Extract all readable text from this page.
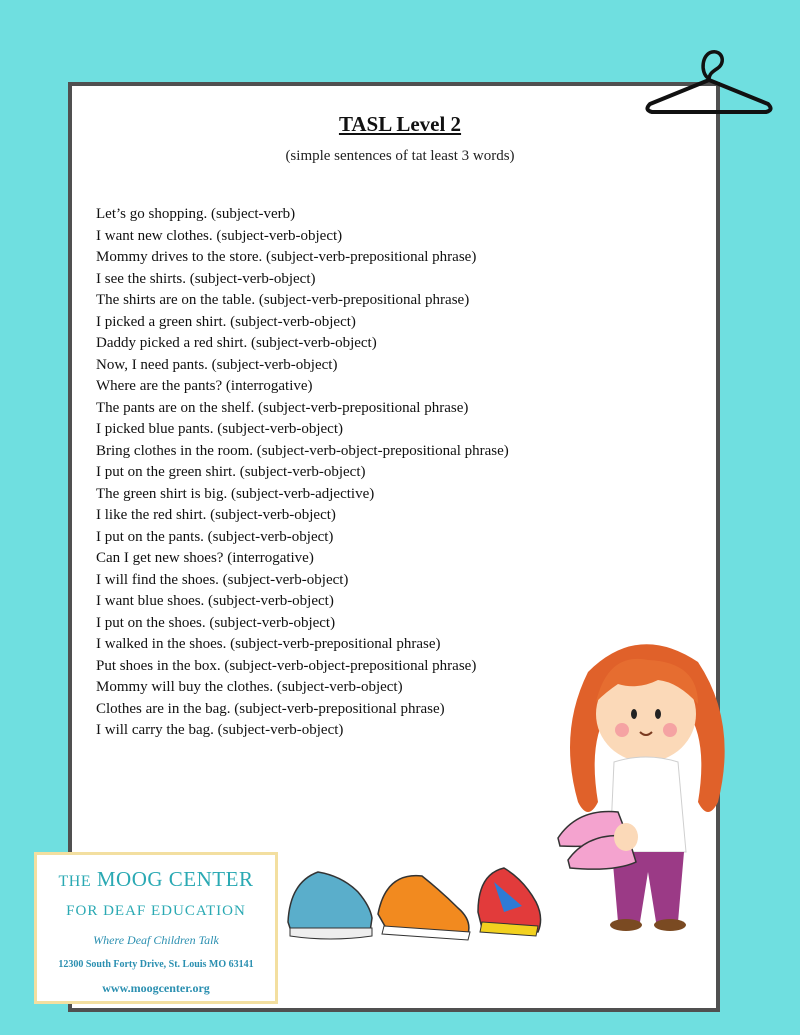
TASL Level 2
(simple sentences of tat least 3 words)
Let’s go shopping. (subject-verb)
I want new clothes. (subject-verb-object)
Mommy drives to the store. (subject-verb-prepositional phrase)
I see the shirts. (subject-verb-object)
The shirts are on the table. (subject-verb-prepositional phrase)
I picked a green shirt. (subject-verb-object)
Daddy picked a red shirt. (subject-verb-object)
Now, I need pants. (subject-verb-object)
Where are the pants? (interrogative)
The pants are on the shelf. (subject-verb-prepositional phrase)
I picked blue pants. (subject-verb-object)
Bring clothes in the room. (subject-verb-object-prepositional phrase)
I put on the green shirt. (subject-verb-object)
The green shirt is big. (subject-verb-adjective)
I like the red shirt. (subject-verb-object)
I put on the pants. (subject-verb-object)
Can I get new shoes? (interrogative)
I will find the shoes. (subject-verb-object)
I want blue shoes. (subject-verb-object)
I put on the shoes. (subject-verb-object)
I walked in the shoes. (subject-verb-prepositional phrase)
Put shoes in the box. (subject-verb-object-prepositional phrase)
Mommy will buy the clothes. (subject-verb-object)
Clothes are in the bag. (subject-verb-prepositional phrase)
I will carry the bag. (subject-verb-object)
THE MOOG CENTER
FOR DEAF EDUCATION
Where Deaf Children Talk
12300 South Forty Drive, St. Louis MO 63141
www.moogcenter.org
